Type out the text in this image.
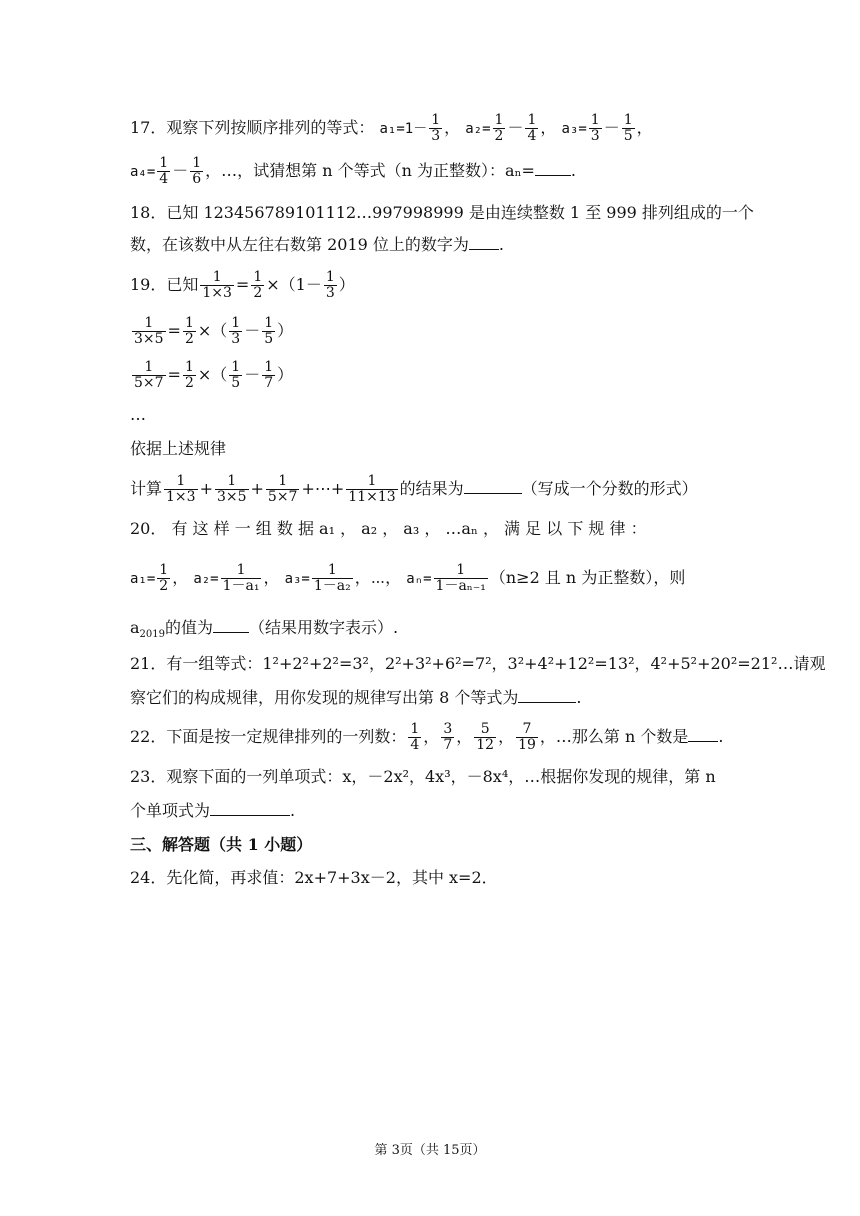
17．观察下列按顺序排列的等式： $a_1=1- \frac{1}{3}$ ， $a_2= \frac{1}{2} - \frac{1}{4}$ ， $a_3= \frac{1}{3} - \frac{1}{5}$ ，
$a_4= \frac{1}{4} - \frac{1}{6}$ ，…，试猜想第 n 个等式（n 为正整数）：aₙ= .
18．已知 123456789101112…997998999 是由连续整数 1 至 999 排列组成的一个
数，在该数中从左往右数第 2019 位上的数字为 .
19．已知 $\frac{1}{1\times 3} = \frac{1}{2} \times(1- \frac{1}{3}$ ）
$\frac{1}{3\times 5} = \frac{1}{2}$ ×（ $\frac{1}{3} - \frac{1}{5}$ ）
$\frac{1}{5\times 7} = \frac{1}{2}$ ×（ $\frac{1}{5} - \frac{1}{7}$ ）
…
依据上述规律
计算 $\frac{1}{1\times 3} + \frac{1}{3\times 5} + \frac{1}{5\times 7}$ +⋯+ $\frac{1}{11\times 13}$ 的结果为	（写成一个分数的形式）
20． 有 这 样 一 组 数 据 a₁ ， a₂ ， a₃ ， …aₙ ， 满 足 以 下 规 律 ：
$a_1= \frac{1}{2}$ ， $a_2= \frac{1}{\text{1－a₁}}$ ， $a_3= \frac{1}{\text{1－a₂}}$ ，⋯， $a_n= \frac{1}{\text{1－aₙ₋₁}} (n\ge 2$ 且 n 为正整数），则
$a_{2019}$的值为 （结果用数字表示）.
21．有一组等式：1²+2²+2²=3²，2²+3²+6²=7²，3²+4²+12²=13²，4²+5²+20²=21²…请观
察它们的构成规律，用你发现的规律写出第 8 个等式为	.
22．下面是按一定规律排列的一列数： $\frac{1}{4}$ ， $\frac{3}{7}$ ， $\frac{5}{12}$ ， $\frac{7}{19}$ ，…那么第 n 个数是 .
23．观察下面的一列单项式：x，－2x²，4x³，－8x⁴，…根据你发现的规律，第 n
个单项式为	.
三、解答题（共 1 小题）
24．先化简，再求值：2x+7+3x－2，其中 x=2．
第 3页（共 15页）
